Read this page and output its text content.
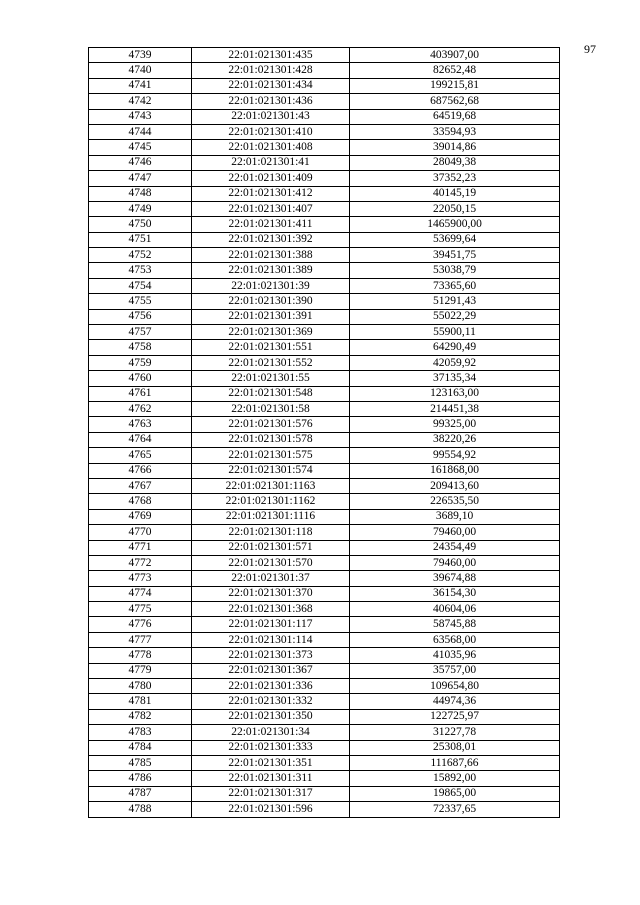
97
4739	22:01:021301:435	403907,00
4740	22:01:021301:428	82652,48
4741	22:01:021301:434	199215,81
4742	22:01:021301:436	687562,68
4743	22:01:021301:43	64519,68
4744	22:01:021301:410	33594,93
4745	22:01:021301:408	39014,86
4746	22:01:021301:41	28049,38
4747	22:01:021301:409	37352,23
4748	22:01:021301:412	40145,19
4749	22:01:021301:407	22050,15
4750	22:01:021301:411	1465900,00
4751	22:01:021301:392	53699,64
4752	22:01:021301:388	39451,75
4753	22:01:021301:389	53038,79
4754	22:01:021301:39	73365,60
4755	22:01:021301:390	51291,43
4756	22:01:021301:391	55022,29
4757	22:01:021301:369	55900,11
4758	22:01:021301:551	64290,49
4759	22:01:021301:552	42059,92
4760	22:01:021301:55	37135,34
4761	22:01:021301:548	123163,00
4762	22:01:021301:58	214451,38
4763	22:01:021301:576	99325,00
4764	22:01:021301:578	38220,26
4765	22:01:021301:575	99554,92
4766	22:01:021301:574	161868,00
4767	22:01:021301:1163	209413,60
4768	22:01:021301:1162	226535,50
4769	22:01:021301:1116	3689,10
4770	22:01:021301:118	79460,00
4771	22:01:021301:571	24354,49
4772	22:01:021301:570	79460,00
4773	22:01:021301:37	39674,88
4774	22:01:021301:370	36154,30
4775	22:01:021301:368	40604,06
4776	22:01:021301:117	58745,88
4777	22:01:021301:114	63568,00
4778	22:01:021301:373	41035,96
4779	22:01:021301:367	35757,00
4780	22:01:021301:336	109654,80
4781	22:01:021301:332	44974,36
4782	22:01:021301:350	122725,97
4783	22:01:021301:34	31227,78
4784	22:01:021301:333	25308,01
4785	22:01:021301:351	111687,66
4786	22:01:021301:311	15892,00
4787	22:01:021301:317	19865,00
4788	22:01:021301:596	72337,65
